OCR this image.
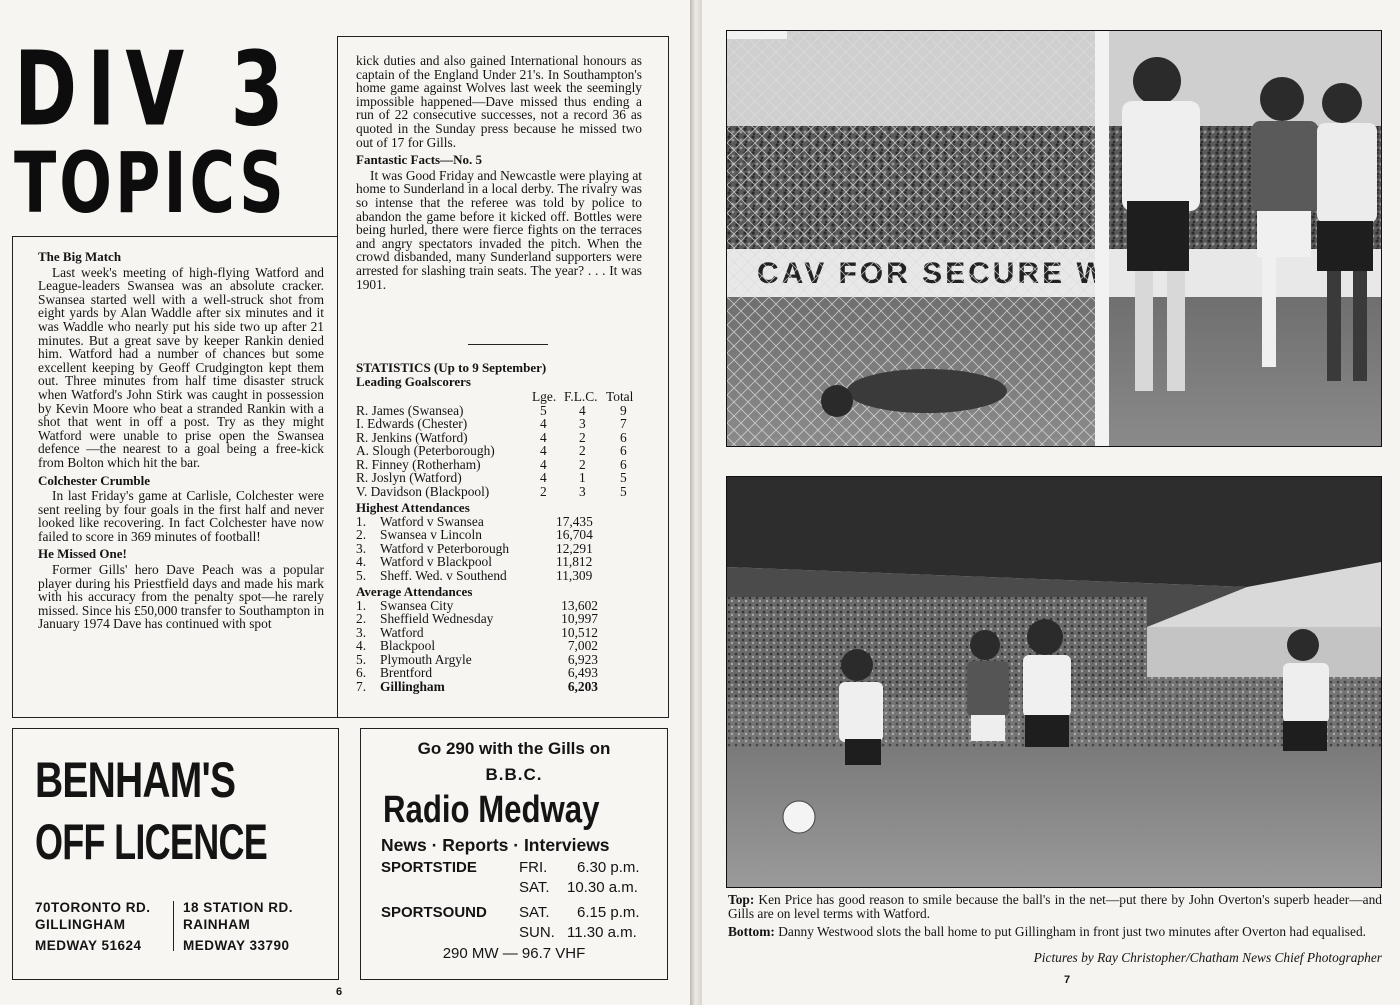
DIV 3
TOPICS
The Big Match

Last week's meeting of high-flying Watford and League-leaders Swansea was an absolute cracker. Swansea started well with a well-struck shot from eight yards by Alan Waddle after six minutes and it was Waddle who nearly put his side two up after 21 minutes. But a great save by keeper Rankin denied him. Watford had a number of chances but some excellent keeping by Geoff Crudgington kept them out. Three minutes from half time disaster struck when Watford's John Stirk was caught in possession by Kevin Moore who beat a stranded Rankin with a shot that went in off a post. Try as they might Watford were unable to prise open the Swansea defence —the nearest to a goal being a free-kick from Bolton which hit the bar.

Colchester Crumble

In last Friday's game at Carlisle, Colchester were sent reeling by four goals in the first half and never looked like recovering. In fact Colchester have now failed to score in 369 minutes of football!

He Missed One!

Former Gills' hero Dave Peach was a popular player during his Priestfield days and made his mark with his accuracy from the penalty spot—he rarely missed. Since his £50,000 transfer to Southampton in January 1974 Dave has continued with spot

kick duties and also gained International honours as captain of the England Under 21's. In Southampton's home game against Wolves last week the seemingly impossible happened—Dave missed thus ending a run of 22 consecutive successes, not a record 36 as quoted in the Sunday press because he missed two out of 17 for Gills.

Fantastic Facts—No. 5

It was Good Friday and Newcastle were playing at home to Sunderland in a local derby. The rivalry was so intense that the referee was told by police to abandon the game before it kicked off. Bottles were being hurled, there were fierce fights on the terraces and angry spectators invaded the pitch. When the crowd disbanded, many Sunderland supporters were arrested for slashing train seats. The year? . . . It was 1901.

STATISTICS (Up to 9 September)
Leading Goalscorers
Lge. F.L.C. Total
R. James (Swansea)	5 4	9
I. Edwards (Chester)	4 3	7
R. Jenkins (Watford)	4 2	6
A. Slough (Peterborough)	4 2	6
R. Finney (Rotherham)	4 2	6
R. Joslyn (Watford)	4 1	5
V. Davidson (Blackpool)	2 3	5
Highest Attendances
1. Watford v Swansea	17,435
2. Swansea v Lincoln	16,704
3. Watford v Peterborough	12,291
4. Watford v Blackpool	11,812
5. Sheff. Wed. v Southend	11,309
Average Attendances
1. Swansea City	13,602
2. Sheffield Wednesday	10,997
3. Watford	10,512
4. Blackpool	7,002
5. Plymouth Argyle	6,923
6. Brentford	6,493
7. Gillingham	6,203
BENHAM'S
OFF LICENCE
70TORONTO RD.
GILLINGHAM
MEDWAY 51624
18 STATION RD.
RAINHAM
MEDWAY 33790
Go 290 with the Gills on
B.B.C.
Radio Medway
News · Reports · Interviews
SPORTSTIDE	FRI. 6.30 p.m.
SAT. 10.30 a.m.
SPORTSOUND SAT. 6.15 p.m.
SUN. 11.30 a.m.
290 MW — 96.7 VHF
6
Top: Ken Price has good reason to smile because the ball's in the net—put there by John Overton's superb header—and Gills are on level terms with Watford.
Bottom: Danny Westwood slots the ball home to put Gillingham in front just two minutes after Overton had equalised.
Pictures by Ray Christopher/Chatham News Chief Photographer
7
